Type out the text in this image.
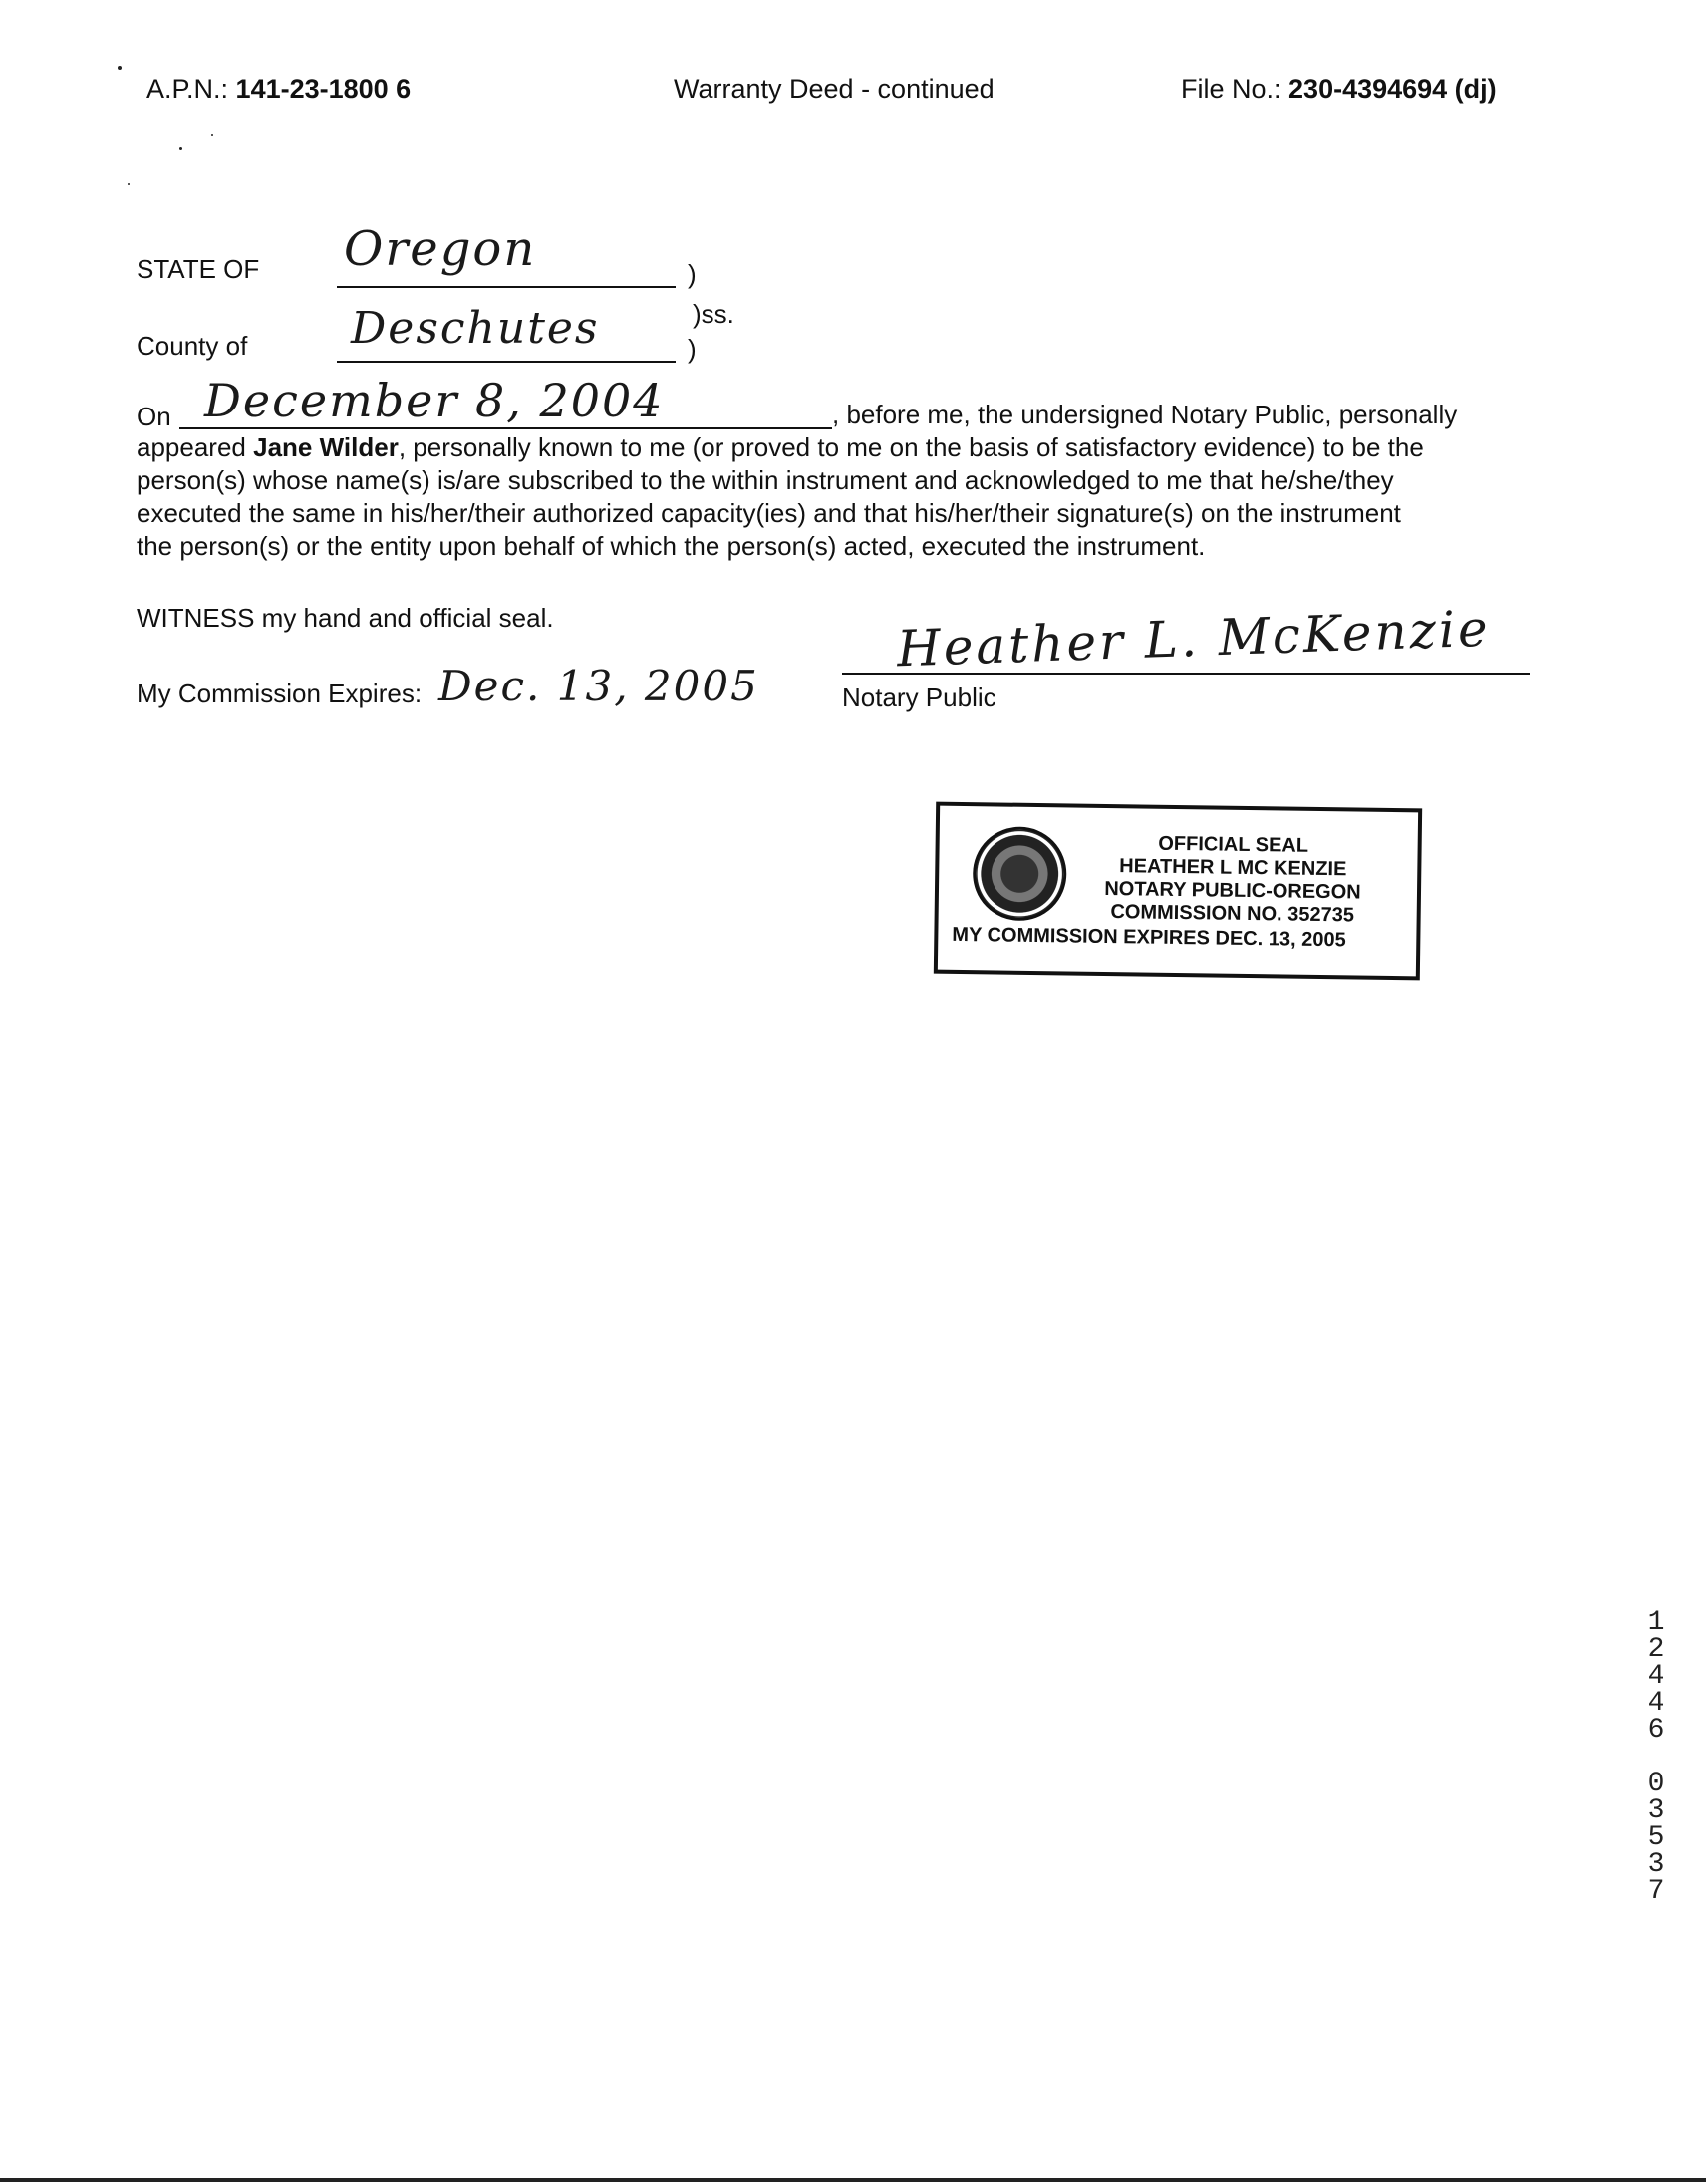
A.P.N.: 141-23-1800 6	Warranty Deed - continued	File No.: 230-4394694 (dj)
STATE OF Oregon	)
)ss.
County of Deschutes	)
On December 8, 2004	, before me, the undersigned Notary Public, personally
appeared Jane Wilder, personally known to me (or proved to me on the basis of satisfactory evidence) to be the
person(s) whose name(s) is/are subscribed to the within instrument and acknowledged to me that he/she/they
executed the same in his/her/their authorized capacity(ies) and that his/her/their signature(s) on the instrument
the person(s) or the entity upon behalf of which the person(s) acted, executed the instrument.
WITNESS my hand and official seal.
My Commission Expires: Dec. 13, 2005
Heather L. McKenzie
Notary Public
OFFICIAL SEAL
HEATHER L MC KENZIE
NOTARY PUBLIC-OREGON
COMMISSION NO. 352735
MY COMMISSION EXPIRES DEC. 13, 2005
1
2
4
4
6

0
3
5
3
7
